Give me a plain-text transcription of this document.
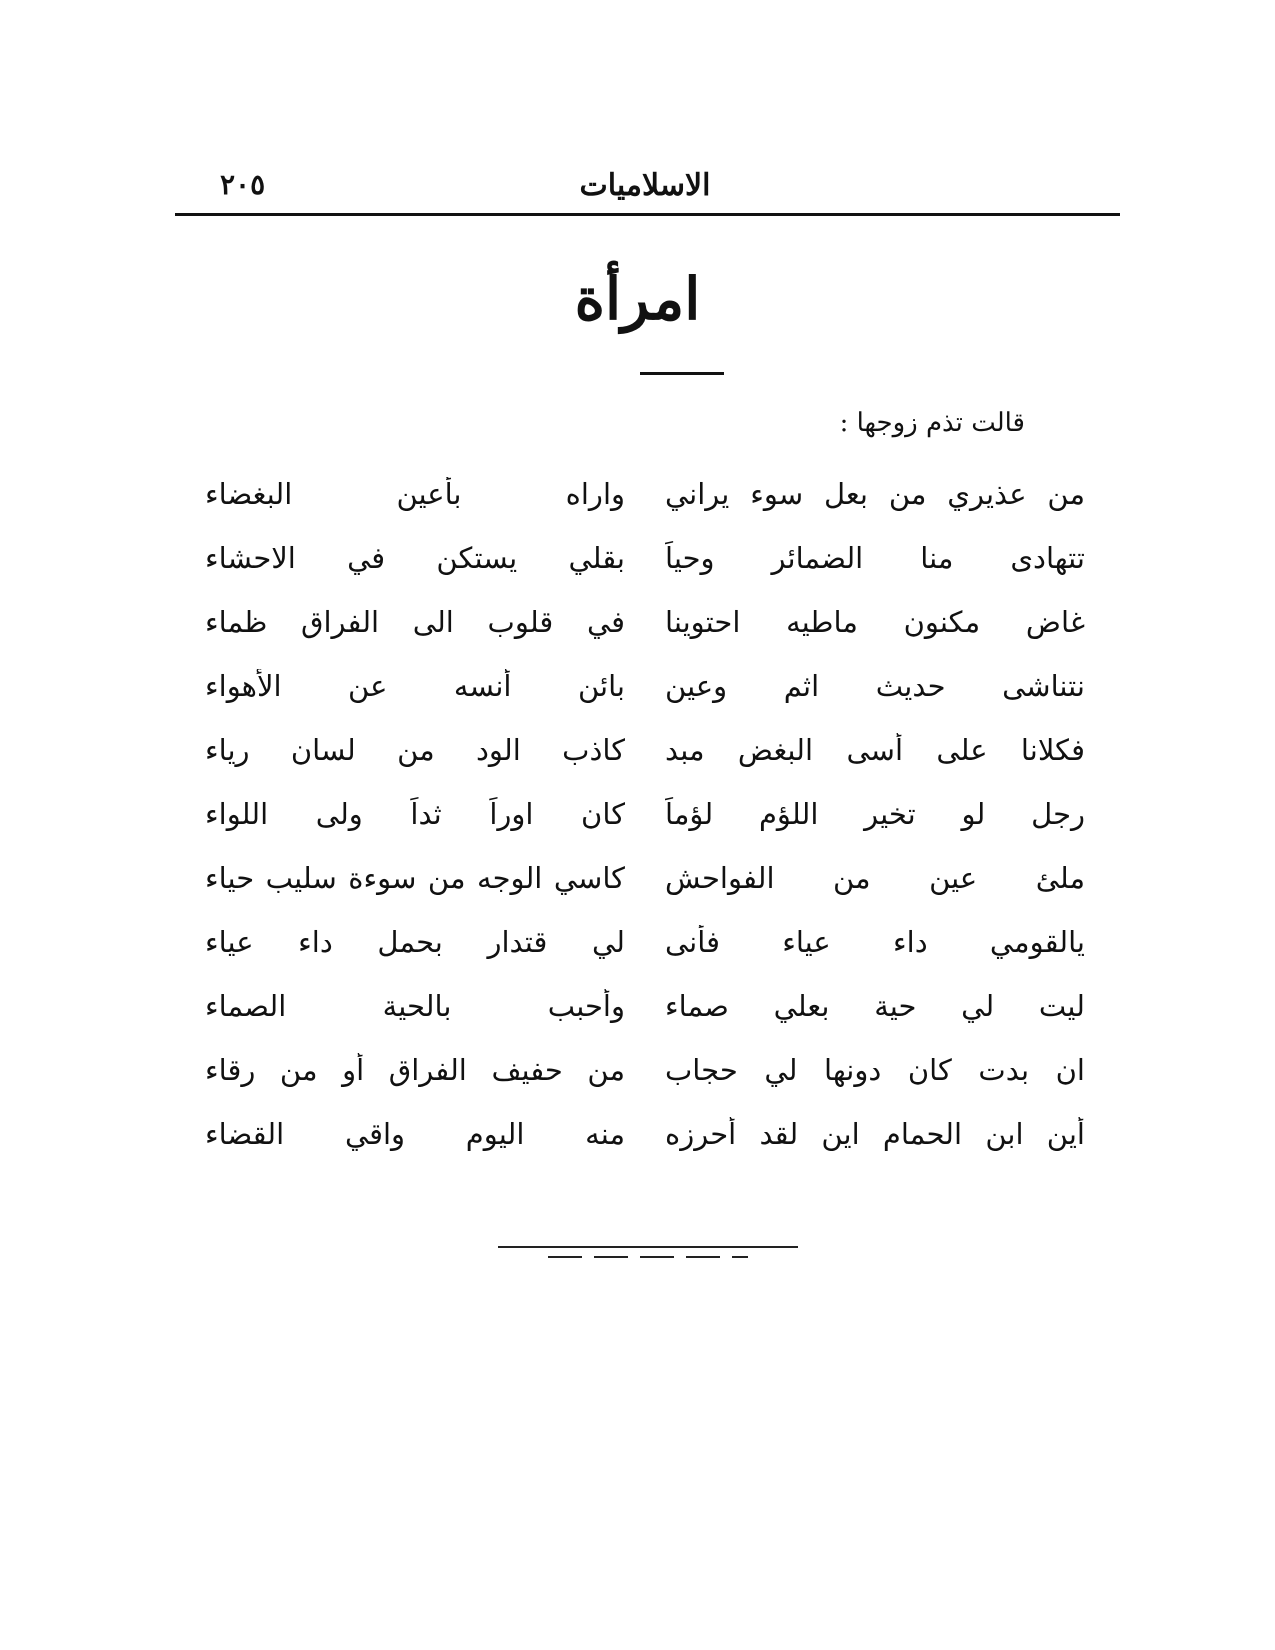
٢٠٥	الاسلاميات
امرأة
قالت تذم زوجها :
من عذيري من بعل سوء يراني
واراه بأعين البغضاء
تتهادى منا الضمائر وحياً
بقلي يستكن في الاحشاء
غاض مكنون ماطيه احتوينا
في قلوب الى الفراق ظماء
نتناشى حديث اثم وعين
بائن أنسه عن الأهواء
فكلانا على أسى البغض مبد
كاذب الود من لسان رياء
رجل لو تخير اللؤم لؤماً
كان اوراً ثداً ولى اللواء
ملئ عين من الفواحش
كاسي الوجه من سوءة سليب حياء
يالقومي داء عياء فأنى
لي قتدار بحمل داء عياء
ليت لي حية بعلي صماء
وأحبب بالحية الصماء
ان بدت كان دونها لي حجاب
من حفيف الفراق أو من رقاء
أين ابن الحمام اين لقد أحرزه
منه اليوم واقي القضاء
